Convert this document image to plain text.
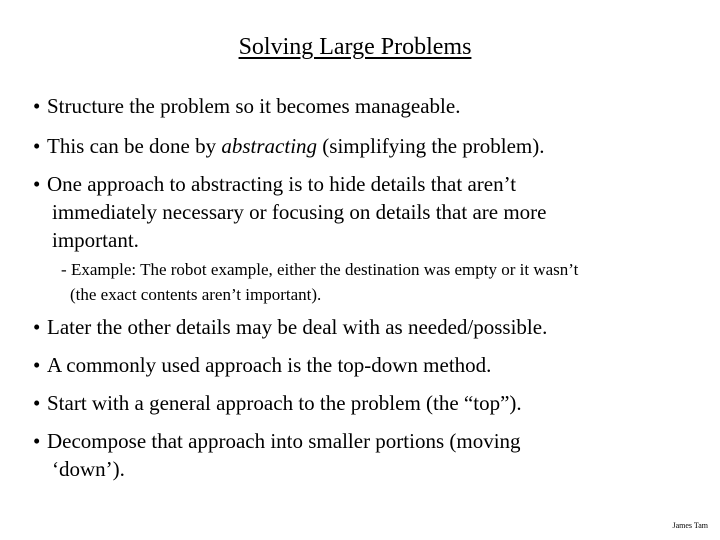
Solving Large Problems
• Structure the problem so it becomes manageable.
• This can be done by abstracting (simplifying the problem).
• One approach to abstracting is to hide details that aren’t
immediately necessary or focusing on details that are more
important.
- Example: The robot example, either the destination was empty or it wasn’t
(the exact contents aren’t important).
• Later the other details may be deal with as needed/possible.
• A commonly used approach is the top-down method.
• Start with a general approach to the problem (the “top”).
• Decompose that approach into smaller portions (moving
‘down’).
James Tam
